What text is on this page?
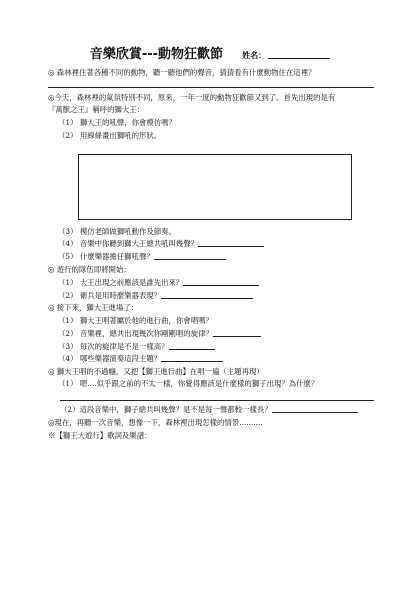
音樂欣賞---動物狂歡節 姓名：
◎ 森林裡住著各種不同的動物，聽一聽他們的聲音，猜猜看有什麼動物住在這裡？
◎今天，森林裡的氣氛特別不同，原來，一年一度的動物狂歡節又到了。首先出現的是有
『萬獸之王』稱呼的獅大王：
（1） 獅大王的吼聲，你會模仿嗎？
（2） 用線條畫出獅吼的形狀。
（3） 模仿老師做獅吼動作及節奏。
（4） 音樂中你聽到獅大王總共吼叫幾聲？
（5） 什麼樂器擔任獅吼聲？
◎ 遊行的隊伍即將開始：
（1） 大王出現之前應該是誰先出來？
（2） 衛兵是用時麼樂器表現？
◎ 接下來，獅大王進場了：
（1） 獅大王唱著屬於他的進行曲，你會唱嗎？
（2） 音樂裡，總共出現幾次你剛剛唱的旋律？
（3） 每次的旋律是不是一樣高？
（4） 哪些樂器演奏這段主題？
◎ 獅大王唱的不過癮，又把【獅王進行曲】在唱一遍（主題再現）
（1） 嗯....似乎跟之前的不太一樣，你覺得應該是什麼樣的獅子出現？為什麼？
（2）這段音樂中，獅子總共叫幾聲？是不是每一聲都較一樣長？
◎現在，再聽一次音樂，想像一下，森林裡出現怎樣的情景..........
※【獅王大遊行】歌詞及樂譜：
